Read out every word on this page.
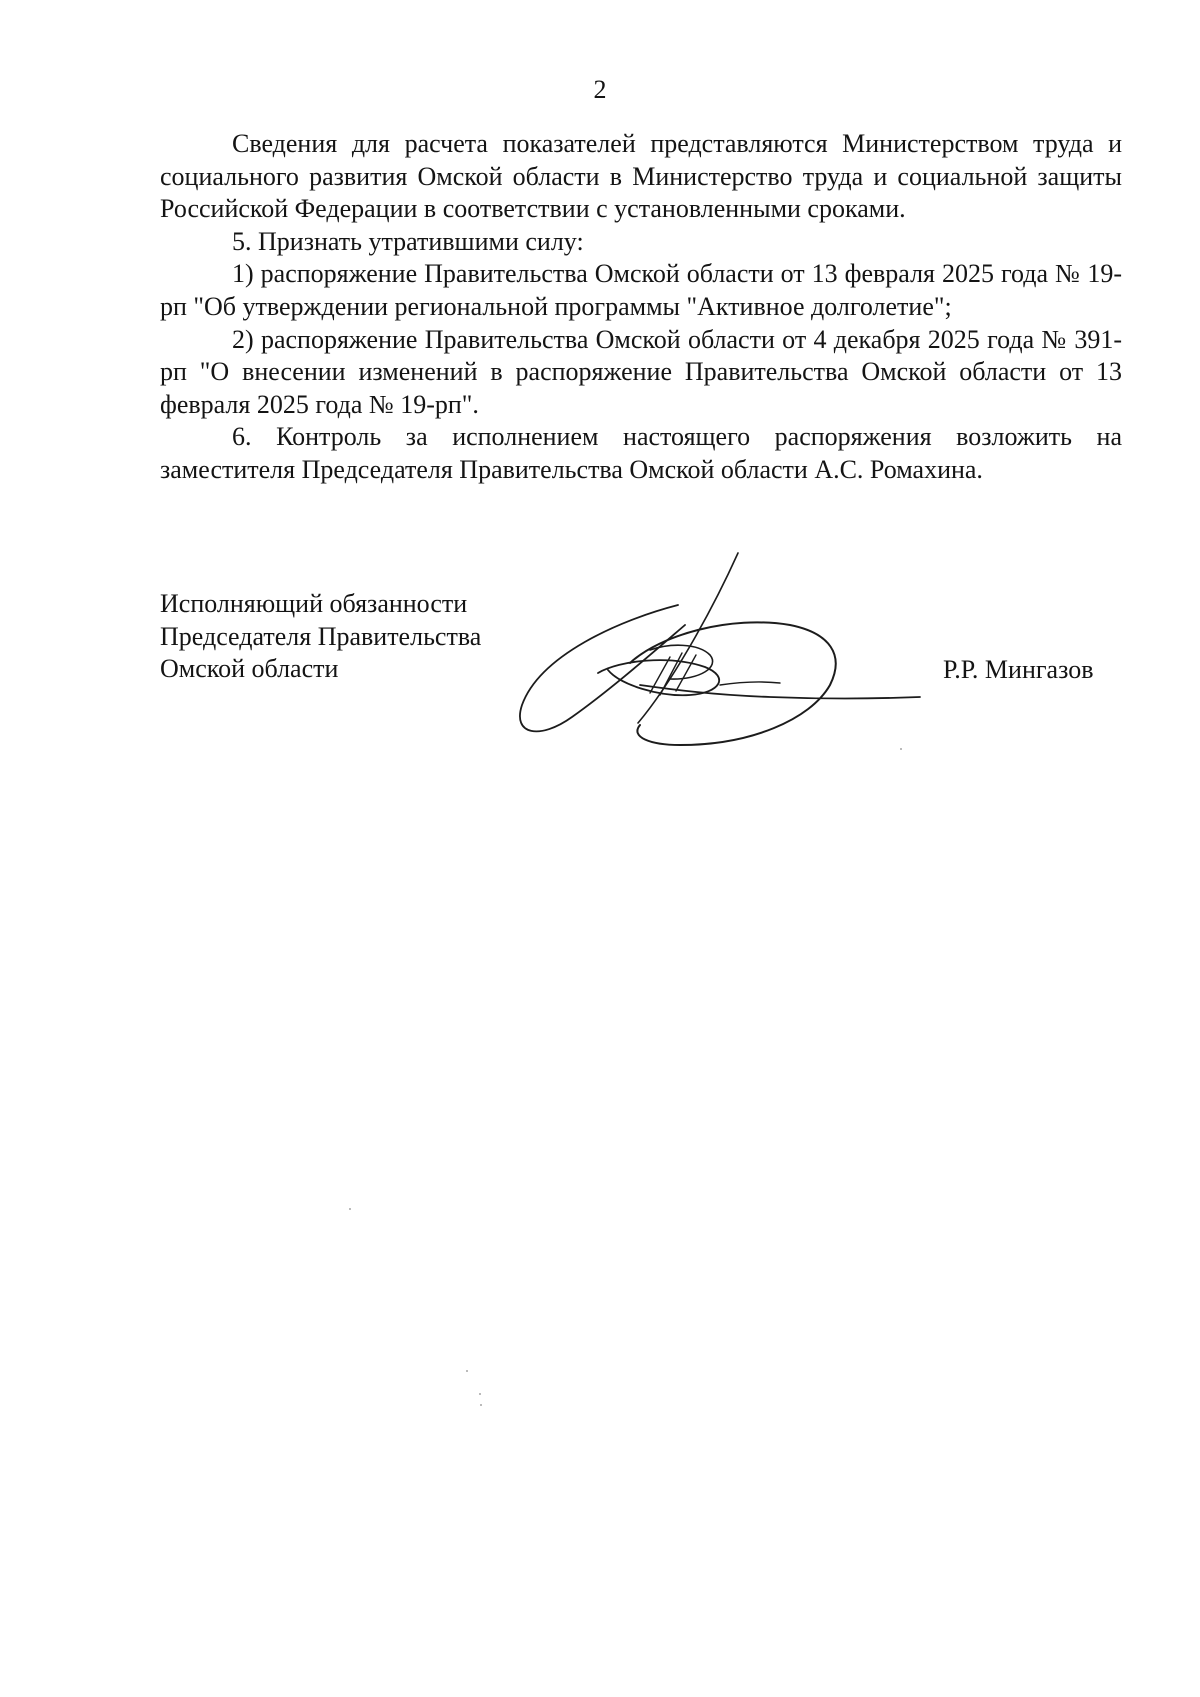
2

Сведения для расчета показателей представляются Министерством труда и социального развития Омской области в Министерство труда и социальной защиты Российской Федерации в соответствии с установленными сроками.

5. Признать утратившими силу:

1) распоряжение Правительства Омской области от 13 февраля 2025 года № 19-рп "Об утверждении региональной программы "Активное долголетие";

2) распоряжение Правительства Омской области от 4 декабря 2025 года № 391-рп "О внесении изменений в распоряжение Правительства Омской области от 13 февраля 2025 года № 19-рп".

6. Контроль за исполнением настоящего распоряжения возложить на заместителя Председателя Правительства Омской области А.С. Ромахина.

Исполняющий обязанности
Председателя Правительства
Омской области	Р.Р. Мингазов
